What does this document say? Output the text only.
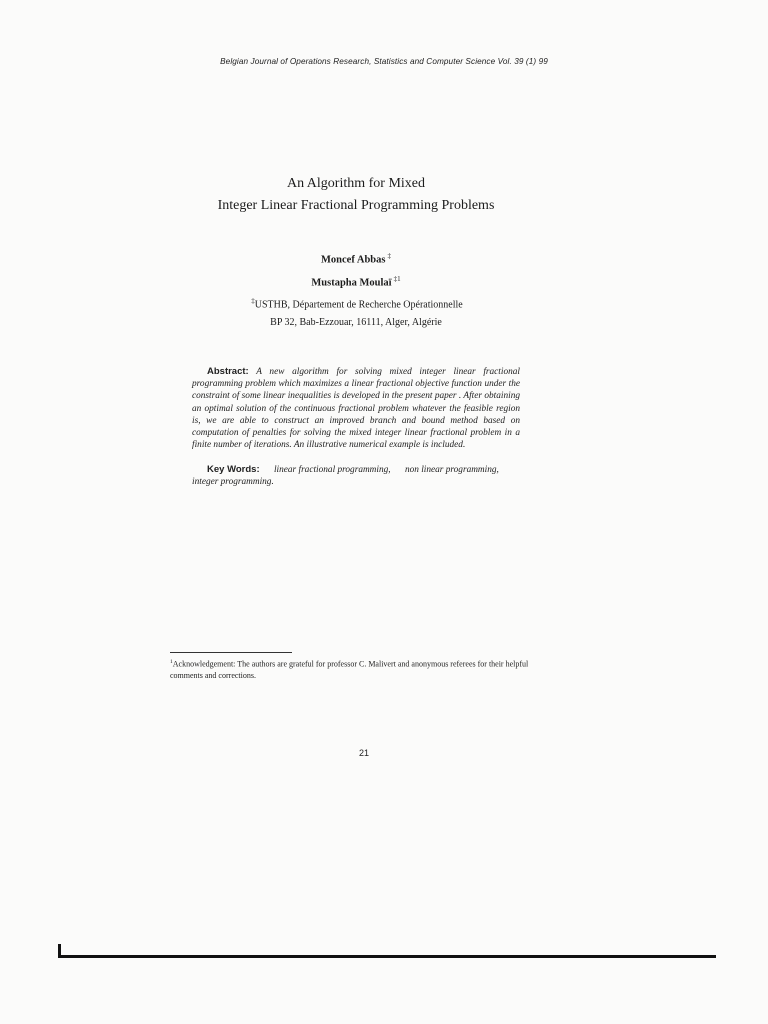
Belgian Journal of Operations Research, Statistics and Computer Science Vol. 39 (1) 99
An Algorithm for Mixed
Integer Linear Fractional Programming Problems
Moncef Abbas ‡
Mustapha Moulaï $^{\ddagger 1}$
‡USTHB, Département de Recherche Opérationnelle
BP 32, Bab-Ezzouar, 16111, Alger, Algérie
Abstract: A new algorithm for solving mixed integer linear fractional programming problem which maximizes a linear fractional objective function under the constraint of some linear inequalities is developed in the present paper . After obtaining an optimal solution of the continuous fractional problem whatever the feasible region is, we are able to construct an improved branch and bound method based on computation of penalties for solving the mixed integer linear fractional problem in a finite number of iterations. An illustrative numerical example is included.
Key Words: linear fractional programming, non linear programming, integer programming.
$^1$Acknowledgement: The authors are grateful for professor C. Malivert and anonymous referees for their helpful comments and corrections.
21
